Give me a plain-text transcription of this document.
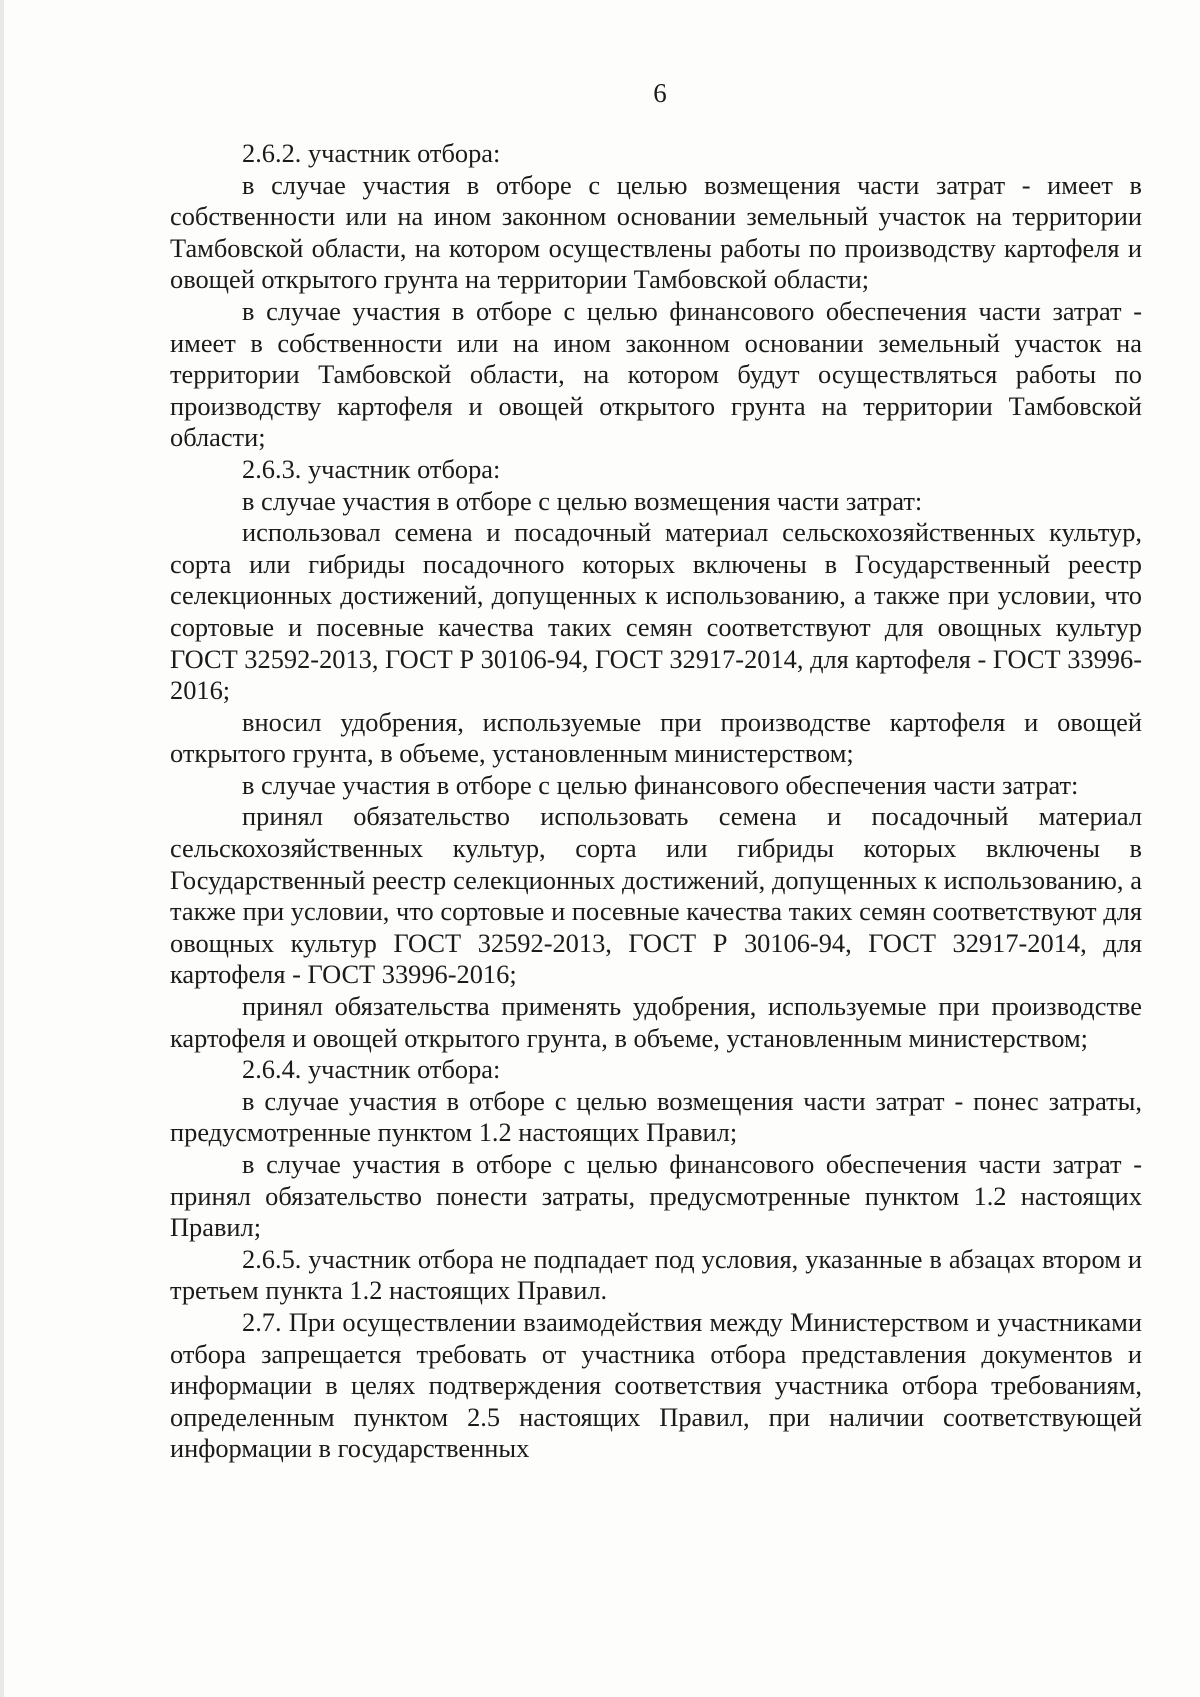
6

2.6.2. участник отбора:

в случае участия в отборе с целью возмещения части затрат - имеет в собственности или на ином законном основании земельный участок на территории Тамбовской области, на котором осуществлены работы по производству картофеля и овощей открытого грунта на территории Тамбовской области;

в случае участия в отборе с целью финансового обеспечения части затрат - имеет в собственности или на ином законном основании земельный участок на территории Тамбовской области, на котором будут осуществляться работы по производству картофеля и овощей открытого грунта на территории Тамбовской области;

2.6.3. участник отбора:

в случае участия в отборе с целью возмещения части затрат:

использовал семена и посадочный материал сельскохозяйственных культур, сорта или гибриды посадочного которых включены в Государственный реестр селекционных достижений, допущенных к использованию, а также при условии, что сортовые и посевные качества таких семян соответствуют для овощных культур ГОСТ 32592-2013, ГОСТ Р 30106-94, ГОСТ 32917-2014, для картофеля - ГОСТ 33996-2016;

вносил удобрения, используемые при производстве картофеля и овощей открытого грунта, в объеме, установленным министерством;

в случае участия в отборе с целью финансового обеспечения части затрат:

принял обязательство использовать семена и посадочный материал сельскохозяйственных культур, сорта или гибриды которых включены в Государственный реестр селекционных достижений, допущенных к использованию, а также при условии, что сортовые и посевные качества таких семян соответствуют для овощных культур ГОСТ 32592-2013, ГОСТ Р 30106-94, ГОСТ 32917-2014, для картофеля - ГОСТ 33996-2016;

принял обязательства применять удобрения, используемые при производстве картофеля и овощей открытого грунта, в объеме, установленным министерством;

2.6.4. участник отбора:

в случае участия в отборе с целью возмещения части затрат - понес затраты, предусмотренные пунктом 1.2 настоящих Правил;

в случае участия в отборе с целью финансового обеспечения части затрат - принял обязательство понести затраты, предусмотренные пунктом 1.2 настоящих Правил;

2.6.5. участник отбора не подпадает под условия, указанные в абзацах втором и третьем пункта 1.2 настоящих Правил.

2.7. При осуществлении взаимодействия между Министерством и участниками отбора запрещается требовать от участника отбора представления документов и информации в целях подтверждения соответствия участника отбора требованиям, определенным пунктом 2.5 настоящих Правил, при наличии соответствующей информации в государственных
